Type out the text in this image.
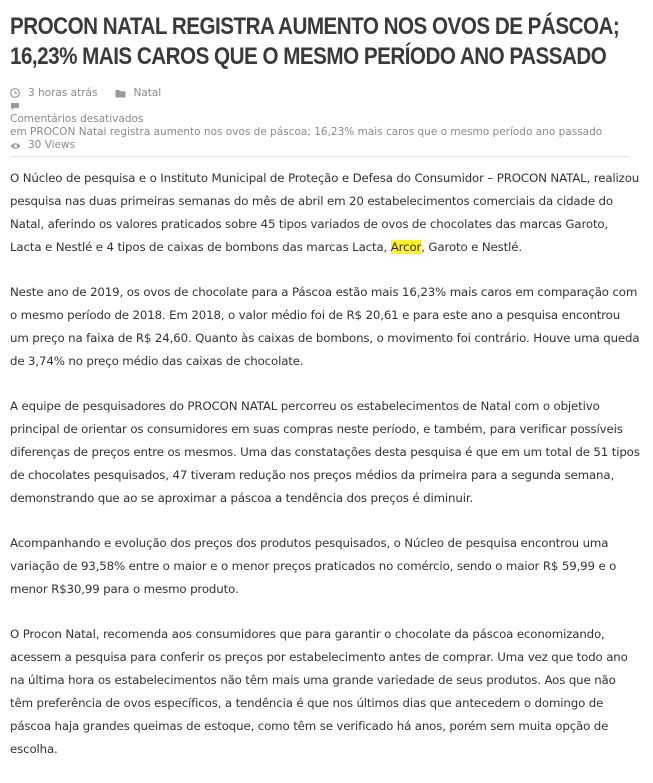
PROCON NATAL REGISTRA AUMENTO NOS OVOS DE PÁSCOA; 16,23% MAIS CAROS QUE O MESMO PERÍODO ANO PASSADO
3 horas atrás	Natal
Comentários desativados
em PROCON Natal registra aumento nos ovos de páscoa; 16,23% mais caros que o mesmo período ano passado
30 Views

O Núcleo de pesquisa e o Instituto Municipal de Proteção e Defesa do Consumidor – PROCON NATAL, realizou pesquisa nas duas primeiras semanas do mês de abril em 20 estabelecimentos comerciais da cidade do Natal, aferindo os valores praticados sobre 45 tipos variados de ovos de chocolates das marcas Garoto, Lacta e Nestlé e 4 tipos de caixas de bombons das marcas Lacta, Arcor, Garoto e Nestlé.

Neste ano de 2019, os ovos de chocolate para a Páscoa estão mais 16,23% mais caros em comparação com o mesmo período de 2018. Em 2018, o valor médio foi de R$ 20,61 e para este ano a pesquisa encontrou um preço na faixa de R$ 24,60. Quanto às caixas de bombons, o movimento foi contrário. Houve uma queda de 3,74% no preço médio das caixas de chocolate.

A equipe de pesquisadores do PROCON NATAL percorreu os estabelecimentos de Natal com o objetivo principal de orientar os consumidores em suas compras neste período, e também, para verificar possíveis diferenças de preços entre os mesmos. Uma das constatações desta pesquisa é que em um total de 51 tipos de chocolates pesquisados, 47 tiveram redução nos preços médios da primeira para a segunda semana, demonstrando que ao se aproximar a páscoa a tendência dos preços é diminuir.

Acompanhando e evolução dos preços dos produtos pesquisados, o Núcleo de pesquisa encontrou uma variação de 93,58% entre o maior e o menor preços praticados no comércio, sendo o maior R$ 59,99 e o menor R$30,99 para o mesmo produto.

O Procon Natal, recomenda aos consumidores que para garantir o chocolate da páscoa economizando, acessem a pesquisa para conferir os preços por estabelecimento antes de comprar. Uma vez que todo ano na última hora os estabelecimentos não têm mais uma grande variedade de seus produtos. Aos que não têm preferência de ovos específicos, a tendência é que nos últimos dias que antecedem o domingo de páscoa haja grandes queimas de estoque, como têm se verificado há anos, porém sem muita opção de escolha.
